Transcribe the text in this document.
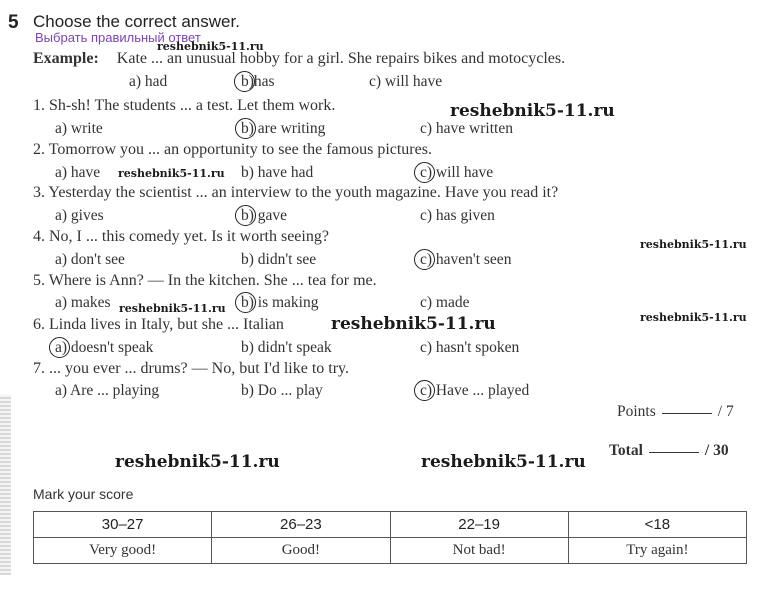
5 Choose the correct answer.
Выбрать правильный ответ
Example: Kate ... an unusual hobby for a girl. She repairs bikes and motocycles.
a) had	b)has	c) will have
1. Sh-sh! The students ... a test. Let them work.
a) write	b) are writing	c) have written
2. Tomorrow you ... an opportunity to see the famous pictures.
a) have	b) have had	c) will have
3. Yesterday the scientist ... an interview to the youth magazine. Have you read it?
a) gives	b) gave	c) has given
4. No, I ... this comedy yet. Is it worth seeing?
a) don't see	b) didn't see	c) haven't seen
5. Where is Ann? — In the kitchen. She ... tea for me.
a) makes	b) is making	c) made
6. Linda lives in Italy, but she ... Italian
a) doesn't speak	b) didn't speak	c) hasn't spoken
7. ... you ever ... drums? — No, but I'd like to try.
a) Are ... playing	b) Do ... play	c) Have ... played
Points	/ 7
Total	/ 30
reshebnik5-11.ru
reshebnik5-11.ru
reshebnik5-11.ru
reshebnik5-11.ru
reshebnik5-11.ru
reshebnik5-11.ru	reshebnik5-11.ru
reshebnik5-11.ru	reshebnik5-11.ru
Mark your score
30–27	26–23	22–19	<18
Very good!	Good!	Not bad!	Try again!
